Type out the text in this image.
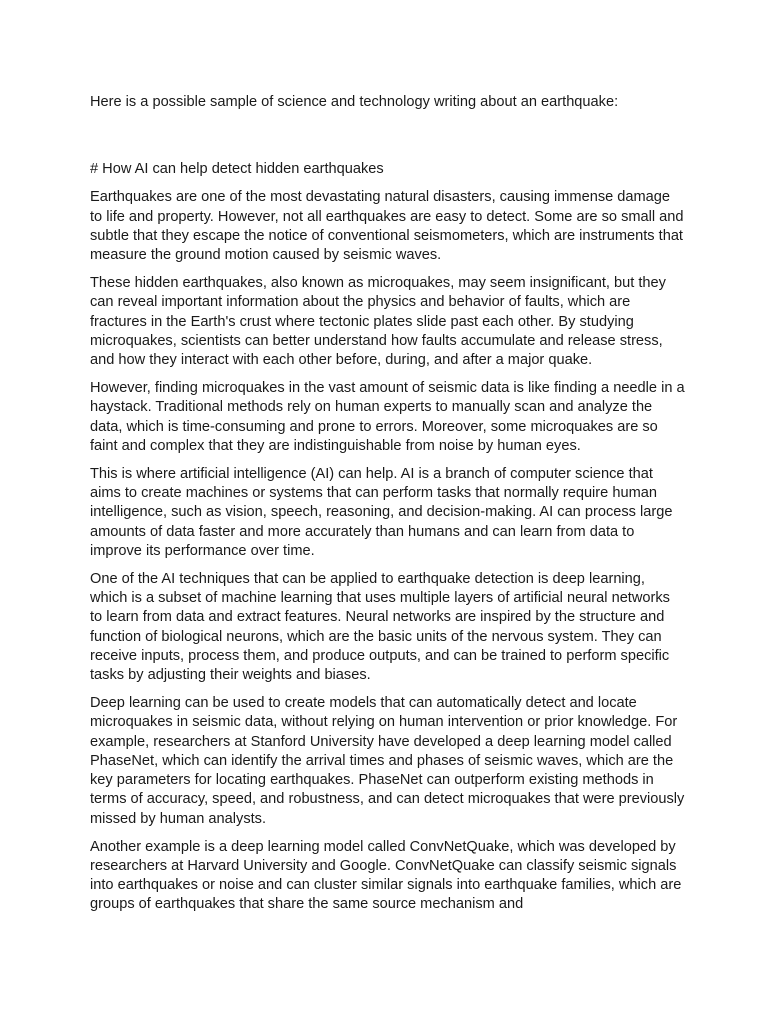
Here is a possible sample of science and technology writing about an earthquake:

# How AI can help detect hidden earthquakes

Earthquakes are one of the most devastating natural disasters, causing immense damage to life and property. However, not all earthquakes are easy to detect. Some are so small and subtle that they escape the notice of conventional seismometers, which are instruments that measure the ground motion caused by seismic waves.

These hidden earthquakes, also known as microquakes, may seem insignificant, but they can reveal important information about the physics and behavior of faults, which are fractures in the Earth's crust where tectonic plates slide past each other. By studying microquakes, scientists can better understand how faults accumulate and release stress, and how they interact with each other before, during, and after a major quake.

However, finding microquakes in the vast amount of seismic data is like finding a needle in a haystack. Traditional methods rely on human experts to manually scan and analyze the data, which is time-consuming and prone to errors. Moreover, some microquakes are so faint and complex that they are indistinguishable from noise by human eyes.

This is where artificial intelligence (AI) can help. AI is a branch of computer science that aims to create machines or systems that can perform tasks that normally require human intelligence, such as vision, speech, reasoning, and decision-making. AI can process large amounts of data faster and more accurately than humans and can learn from data to improve its performance over time.

One of the AI techniques that can be applied to earthquake detection is deep learning, which is a subset of machine learning that uses multiple layers of artificial neural networks to learn from data and extract features. Neural networks are inspired by the structure and function of biological neurons, which are the basic units of the nervous system. They can receive inputs, process them, and produce outputs, and can be trained to perform specific tasks by adjusting their weights and biases.

Deep learning can be used to create models that can automatically detect and locate microquakes in seismic data, without relying on human intervention or prior knowledge. For example, researchers at Stanford University have developed a deep learning model called PhaseNet, which can identify the arrival times and phases of seismic waves, which are the key parameters for locating earthquakes. PhaseNet can outperform existing methods in terms of accuracy, speed, and robustness, and can detect microquakes that were previously missed by human analysts.

Another example is a deep learning model called ConvNetQuake, which was developed by researchers at Harvard University and Google. ConvNetQuake can classify seismic signals into earthquakes or noise and can cluster similar signals into earthquake families, which are groups of earthquakes that share the same source mechanism and
